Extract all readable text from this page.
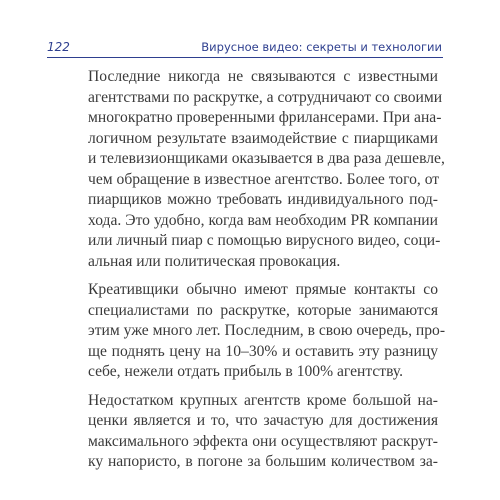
122	Вирусное видео: секреты и технологии

Последние никогда не связываются с известными
агентствами по раскрутке, а сотрудничают со своими
многократно проверенными фрилансерами. При ана-
логичном результате взаимодействие с пиарщиками
и телевизионщиками оказывается в два раза дешевле,
чем обращение в известное агентство. Более того, от
пиарщиков можно требовать индивидуального под-
хода. Это удобно, когда вам необходим PR компании
или личный пиар с помощью вирусного видео, соци-
альная или политическая провокация.

Креативщики обычно имеют прямые контакты со
специалистами по раскрутке, которые занимаются
этим уже много лет. Последним, в свою очередь, про-
ще поднять цену на 10–30% и оставить эту разницу
себе, нежели отдать прибыль в 100% агентству.

Недостатком крупных агентств кроме большой на-
ценки является и то, что зачастую для достижения
максимального эффекта они осуществляют раскрут-
ку напористо, в погоне за большим количеством за-
